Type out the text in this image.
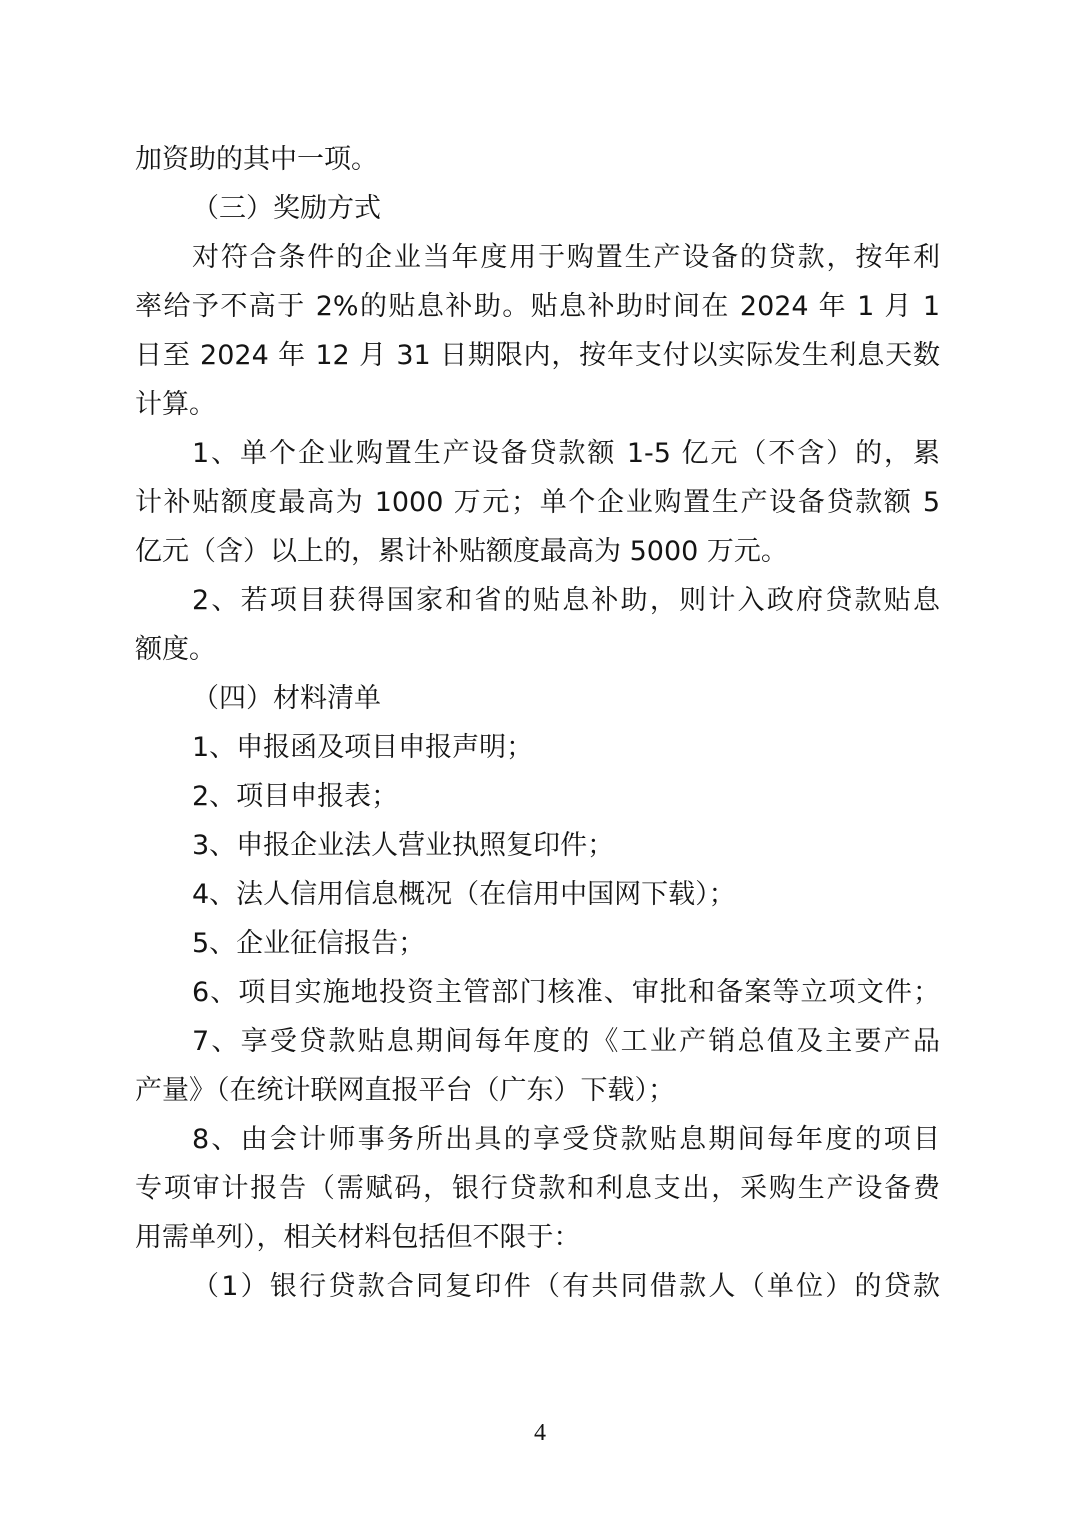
加资助的其中一项。
（三）奖励方式
对符合条件的企业当年度用于购置生产设备的贷款，按年利
率给予不高于 2%的贴息补助。贴息补助时间在 2024 年 1 月 1
日至 2024 年 12 月 31 日期限内，按年支付以实际发生利息天数
计算。
1、单个企业购置生产设备贷款额 1-5 亿元（不含）的，累
计补贴额度最高为 1000 万元；单个企业购置生产设备贷款额 5
亿元（含）以上的，累计补贴额度最高为 5000 万元。
2、若项目获得国家和省的贴息补助，则计入政府贷款贴息
额度。
（四）材料清单
1、申报函及项目申报声明；
2、项目申报表；
3、申报企业法人营业执照复印件；
4、法人信用信息概况（在信用中国网下载）；
5、企业征信报告；
6、项目实施地投资主管部门核准、审批和备案等立项文件；
7、享受贷款贴息期间每年度的《工业产销总值及主要产品
产量》（在统计联网直报平台（广东）下载）；
8、由会计师事务所出具的享受贷款贴息期间每年度的项目
专项审计报告（需赋码，银行贷款和利息支出，采购生产设备费
用需单列），相关材料包括但不限于：
（1）银行贷款合同复印件（有共同借款人（单位）的贷款
4
